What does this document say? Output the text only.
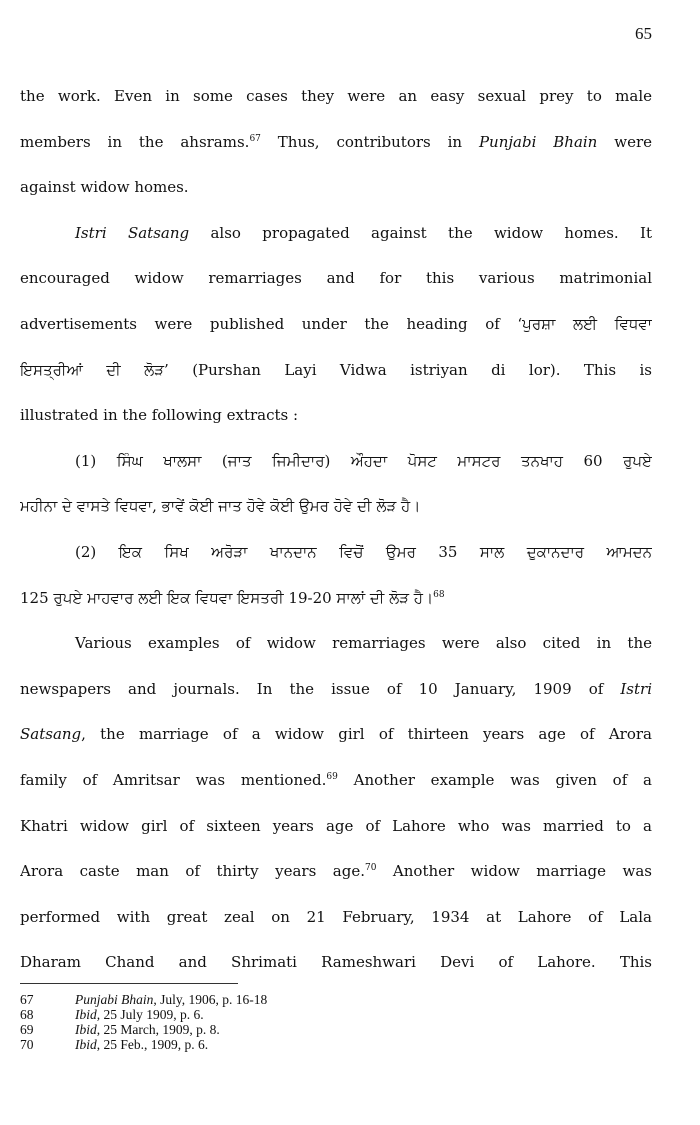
65
the work. Even in some cases they were an easy sexual prey to male
members in the ahsrams.$^{67}$ Thus, contributors in Punjabi Bhain were
against widow homes.
Istri Satsang also propagated against the widow homes. It
encouraged widow remarriages and for this various matrimonial
advertisements were published under the heading of ‘ਪੁਰਸ਼ਾ ਲਈ ਵਿਧਵਾ
ਇਸਤ੍ਰੀਆਂ ਦੀ ਲੋੜ’ (Purshan Layi Vidwa istriyan di lor). This is
illustrated in the following extracts :
(1) ਸਿੰਘ ਖਾਲਸਾ (ਜਾਤ ਜਿਮੀਦਾਰ) ਔਹਦਾ ਪੋਸਟ ਮਾਸਟਰ ਤਨਖਾਹ 60 ਰੁਪਏ
ਮਹੀਨਾ ਦੇ ਵਾਸਤੇ ਵਿਧਵਾ, ਭਾਵੇਂ ਕੋਈ ਜਾਤ ਹੋਵੇ ਕੋਈ ਉਮਰ ਹੋਵੇ ਦੀ ਲੋੜ ਹੈ।
(2) ਇਕ ਸਿਖ ਅਰੋੜਾ ਖਾਨਦਾਨ ਵਿਚੋਂ ਉਮਰ 35 ਸਾਲ ਦੁਕਾਨਦਾਰ ਆਮਦਨ
125 ਰੁਪਏ ਮਾਹਵਾਰ ਲਈ ਇਕ ਵਿਧਵਾ ਇਸਤਰੀ 19-20 ਸਾਲਾਂ ਦੀ ਲੋੜ ਹੈ।$^{68}$
Various examples of widow remarriages were also cited in the
newspapers and journals. In the issue of 10 January, 1909 of Istri
Satsang, the marriage of a widow girl of thirteen years age of Arora
family of Amritsar was mentioned.$^{69}$ Another example was given of a
Khatri widow girl of sixteen years age of Lahore who was married to a
Arora caste man of thirty years age.$^{70}$ Another widow marriage was
performed with great zeal on 21 February, 1934 at Lahore of Lala
Dharam Chand and Shrimati Rameshwari Devi of Lahore. This
67	Punjabi Bhain, July, 1906, p. 16-18
68	Ibid, 25 July 1909, p. 6.
69	Ibid, 25 March, 1909, p. 8.
70	Ibid, 25 Feb., 1909, p. 6.
